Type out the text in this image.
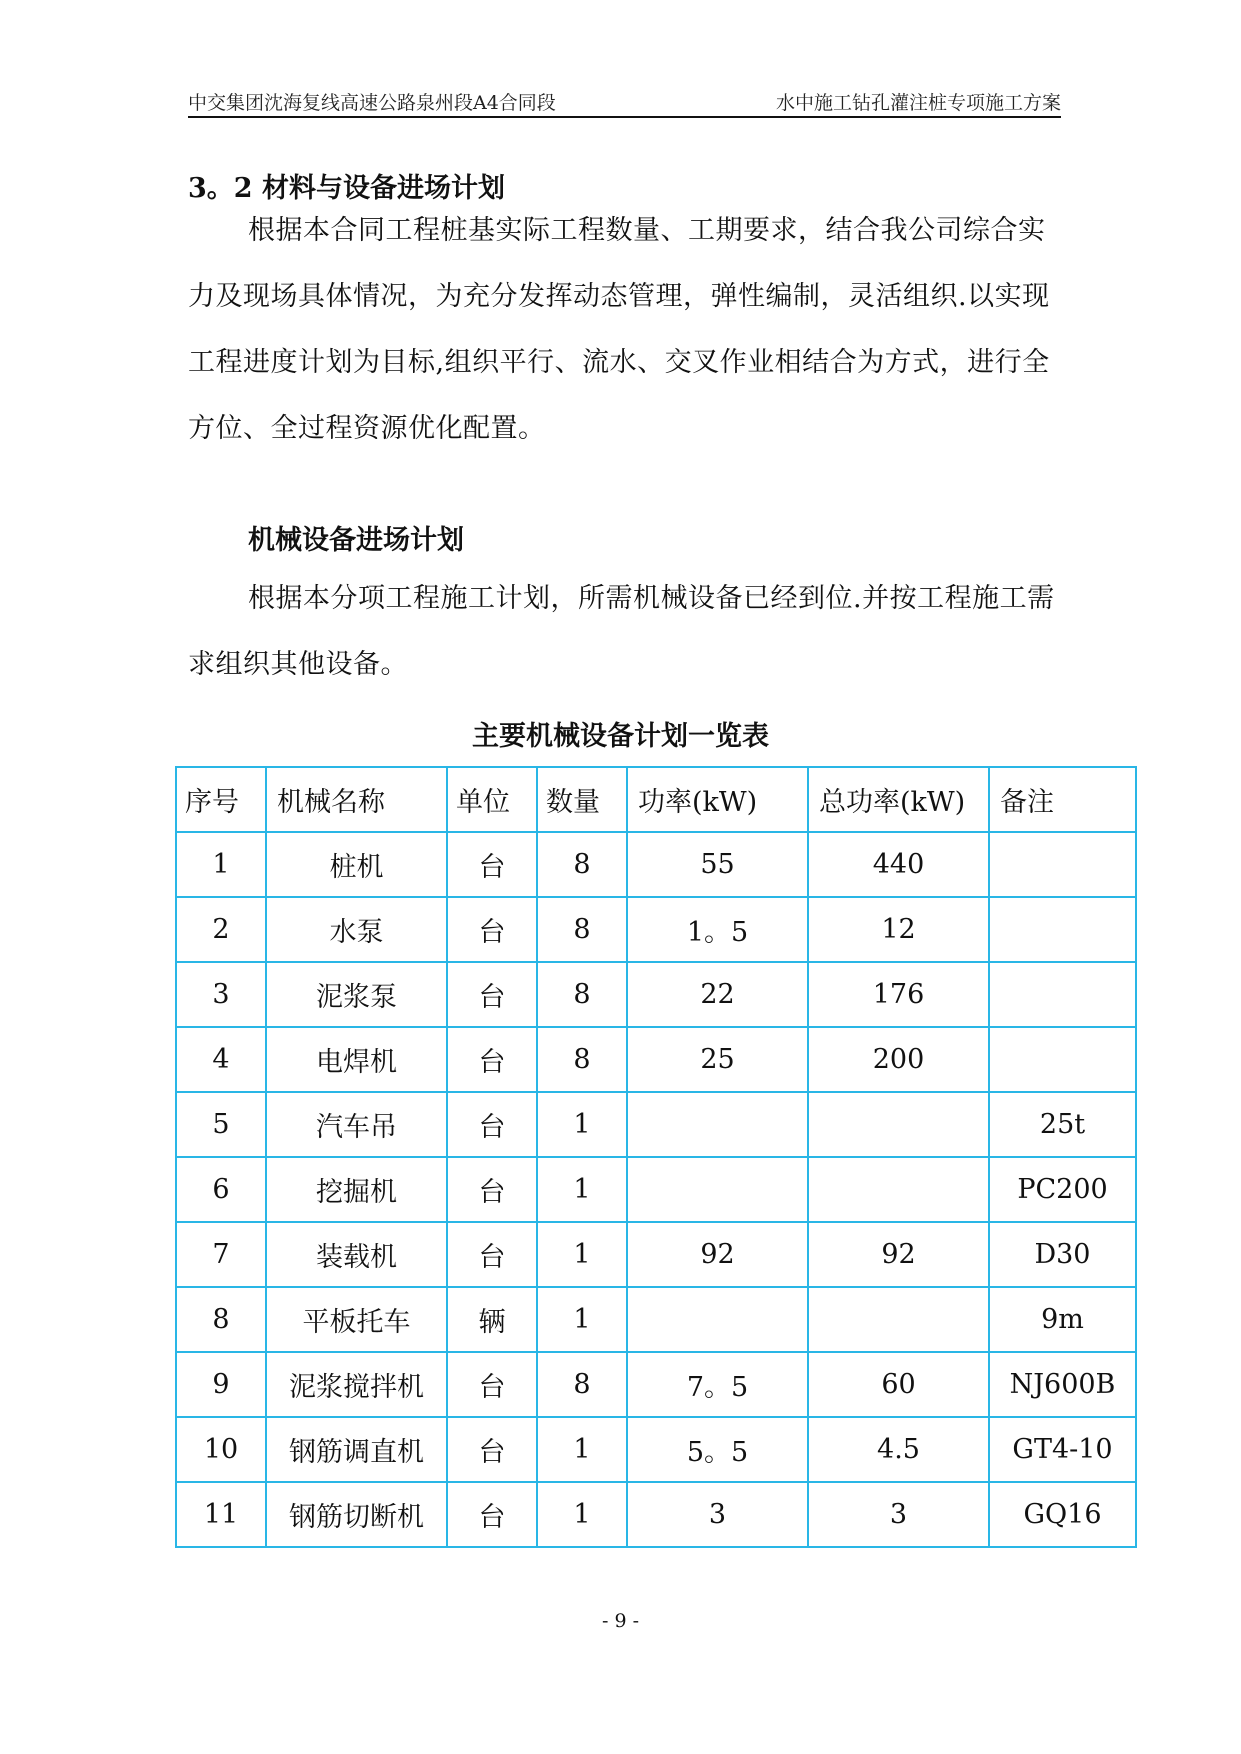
中交集团沈海复线高速公路泉州段A4合同段	水中施工钻孔灌注桩专项施工方案
3。2 材料与设备进场计划

根据本合同工程桩基实际工程数量、工期要求，结合我公司综合实力及现场具体情况，为充分发挥动态管理，弹性编制，灵活组织.以实现工程进度计划为目标,组织平行、流水、交叉作业相结合为方式，进行全方位、全过程资源优化配置。

机械设备进场计划

根据本分项工程施工计划，所需机械设备已经到位.并按工程施工需求组织其他设备。

主要机械设备计划一览表
序号	机械名称	单位	数量	功率(kW)	总功率(kW)	备注
1	桩机	台	8	55	440	
2	水泵	台	8	1。5	12	
3	泥浆泵	台	8	22	176	
4	电焊机	台	8	25	200	
5	汽车吊	台	1			25t
6	挖掘机	台	1			PC200
7	装载机	台	1	92	92	D30
8	平板托车	辆	1			9m
9	泥浆搅拌机	台	8	7。5	60	NJ600B
10	钢筋调直机	台	1	5。5	4.5	GT4-10
11	钢筋切断机	台	1	3	3	GQ16
- 9 -
